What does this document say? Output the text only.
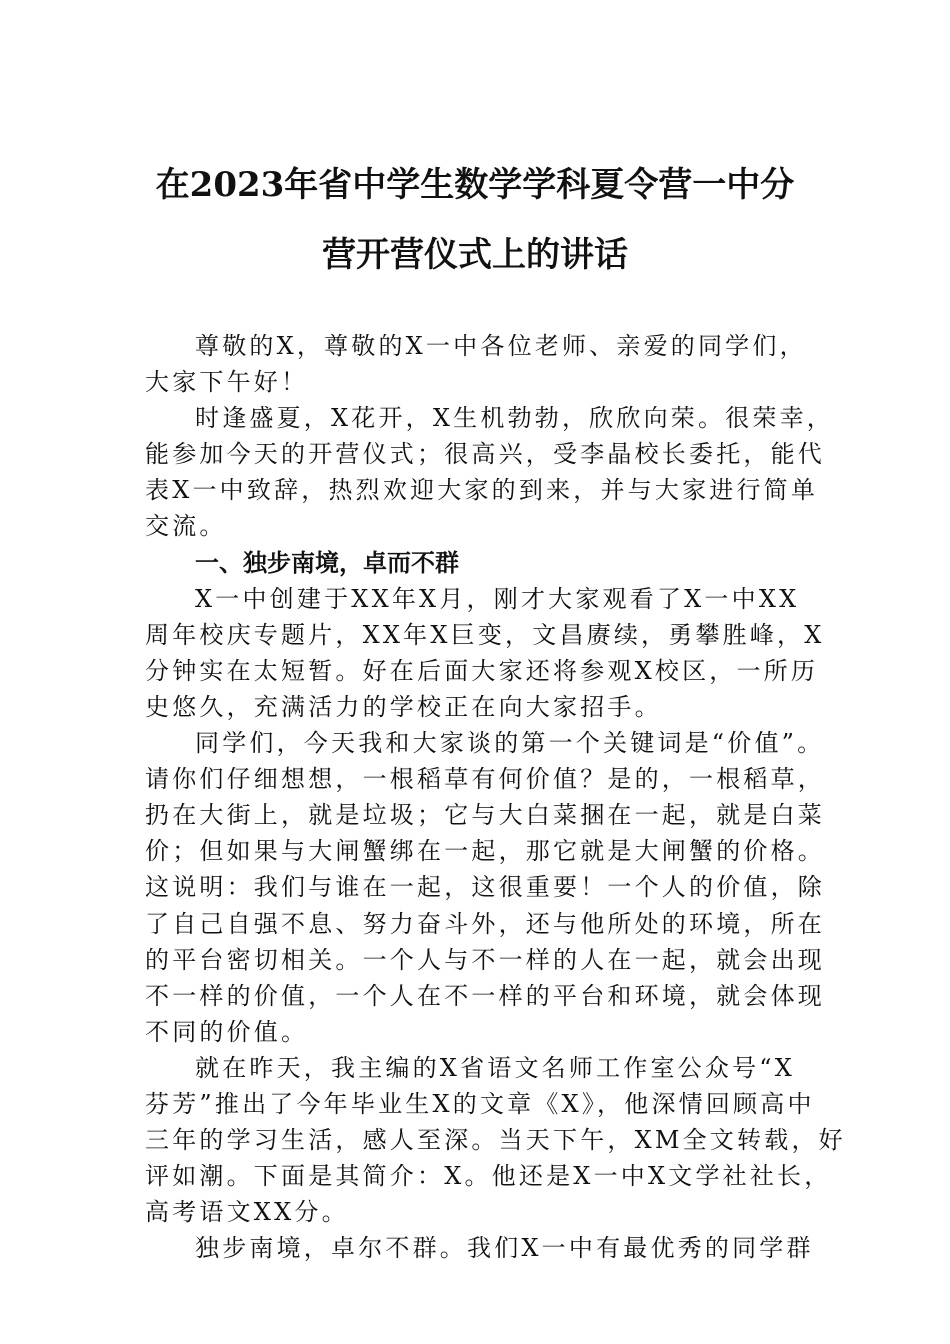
在2023年省中学生数学学科夏令营一中分
营开营仪式上的讲话
尊敬的X，尊敬的X一中各位老师、亲爱的同学们，
大家下午好！
时逢盛夏，X花开，X生机勃勃，欣欣向荣。很荣幸，
能参加今天的开营仪式；很高兴，受李晶校长委托，能代
表X一中致辞，热烈欢迎大家的到来，并与大家进行简单
交流。
一、独步南境，卓而不群
X一中创建于XX年X月，刚才大家观看了X一中XX
周年校庆专题片，XX年X巨变，文昌赓续，勇攀胜峰，X
分钟实在太短暂。好在后面大家还将参观X校区，一所历
史悠久，充满活力的学校正在向大家招手。
同学们，今天我和大家谈的第一个关键词是“价值”。
请你们仔细想想，一根稻草有何价值？是的，一根稻草，
扔在大街上，就是垃圾；它与大白菜捆在一起，就是白菜
价；但如果与大闸蟹绑在一起，那它就是大闸蟹的价格。
这说明：我们与谁在一起，这很重要！一个人的价值，除
了自己自强不息、努力奋斗外，还与他所处的环境，所在
的平台密切相关。一个人与不一样的人在一起，就会出现
不一样的价值，一个人在不一样的平台和环境，就会体现
不同的价值。
就在昨天，我主编的X省语文名师工作室公众号“X
芬芳”推出了今年毕业生X的文章《X》，他深情回顾高中
三年的学习生活，感人至深。当天下午，XM全文转载，好
评如潮。下面是其简介：X。他还是X一中X文学社社长，
高考语文XX分。
独步南境，卓尔不群。我们X一中有最优秀的同学群
